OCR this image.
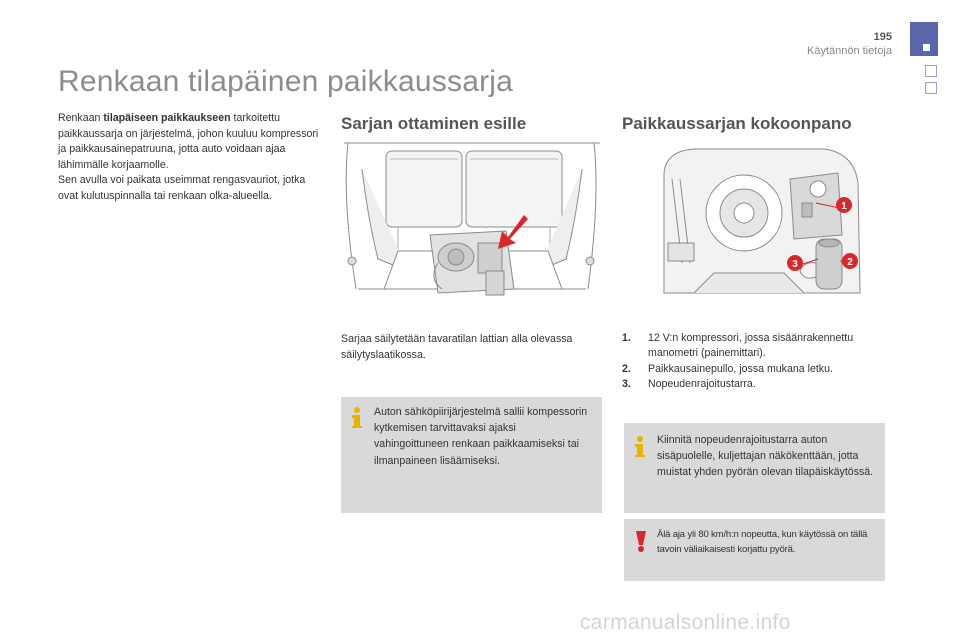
195
Käytännön tietoja
Renkaan tilapäinen paikkaussarja
Renkaan tilapäiseen paikkaukseen tarkoitettu paikkaussarja on järjestelmä, johon kuuluu kompressori ja paikkausainepatruuna, jotta auto voidaan ajaa lähimmälle korjaamolle.
Sen avulla voi paikata useimmat rengasvauriot, jotka ovat kulutuspinnalla tai renkaan olka-alueella.
Sarjan ottaminen esille
Sarjaa säilytetään tavaratilan lattian alla olevassa säilytyslaatikossa.
Auton sähköpiirijärjestelmä sallii kompessorin kytkemisen tarvittavaksi ajaksi vahingoittuneen renkaan paikkaamiseksi tai ilmanpaineen lisäämiseksi.
Paikkaussarjan kokoonpano
1
2
3
1. 12 V:n kompressori, jossa sisäänrakennettu manometri (painemittari).
2. Paikkausainepullo, jossa mukana letku.
3. Nopeudenrajoitustarra.
Kiinnitä nopeudenrajoitustarra auton sisäpuolelle, kuljettajan näkökenttään, jotta muistat yhden pyörän olevan tilapäiskäytössä.
Älä aja yli 80 km/h:n nopeutta, kun käytössä on tällä tavoin väliaikaisesti korjattu pyörä.
carmanualsonline.info
